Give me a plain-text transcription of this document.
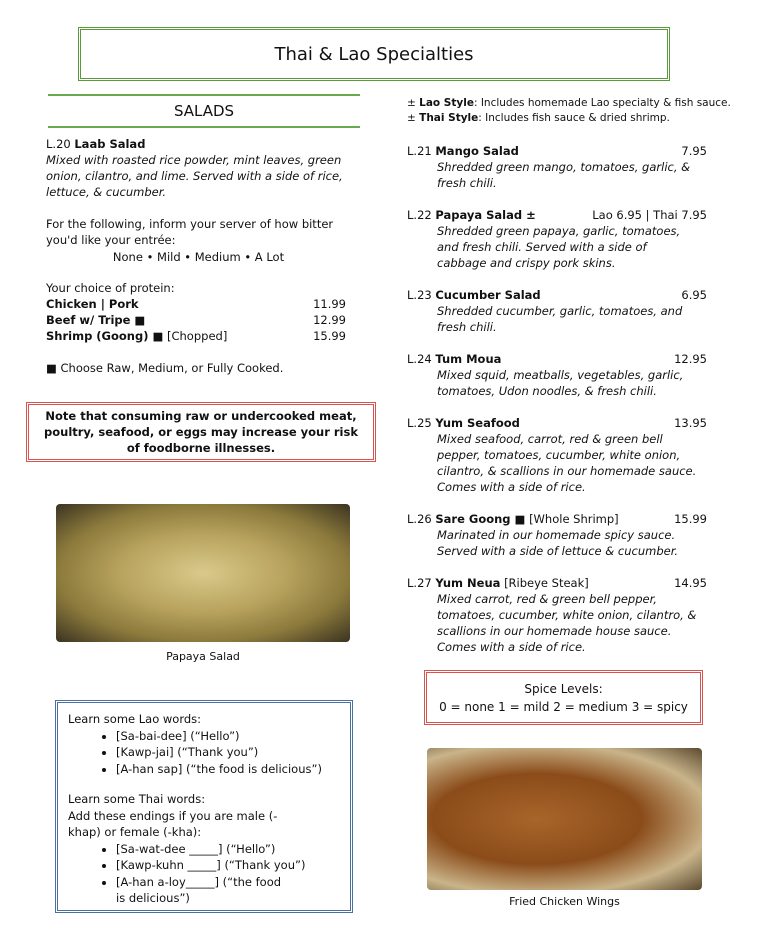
Thai & Lao Specialties
SALADS
L.20 Laab Salad
Mixed with roasted rice powder, mint leaves, green onion, cilantro, and lime. Served with a side of rice, lettuce, & cucumber.
For the following, inform your server of how bitter you'd like your entrée:
None • Mild • Medium • A Lot
Your choice of protein:
Chicken | Pork	11.99
Beef w/ Tripe ■	12.99
Shrimp (Goong) ■ [Chopped]	15.99
■ Choose Raw, Medium, or Fully Cooked.
Note that consuming raw or undercooked meat, poultry, seafood, or eggs may increase your risk of foodborne illnesses.
Papaya Salad
Learn some Lao words:
• [Sa-bai-dee] (“Hello”)
• [Kawp-jai] (“Thank you”)
• [A-han sap] (“the food is delicious”)
Learn some Thai words:
Add these endings if you are male (-khap) or female (-kha):
• [Sa-wat-dee _____] (“Hello”)
• [Kawp-kuhn _____] (“Thank you”)
• [A-han a-loy_____] (“the food is delicious”)
± Lao Style: Includes homemade Lao specialty & fish sauce.
± Thai Style: Includes fish sauce & dried shrimp.
L.21 Mango Salad	7.95
Shredded green mango, tomatoes, garlic, & fresh chili.
L.22 Papaya Salad ±	Lao 6.95 | Thai 7.95
Shredded green papaya, garlic, tomatoes, and fresh chili. Served with a side of cabbage and crispy pork skins.
L.23 Cucumber Salad	6.95
Shredded cucumber, garlic, tomatoes, and fresh chili.
L.24 Tum Moua	12.95
Mixed squid, meatballs, vegetables, garlic, tomatoes, Udon noodles, & fresh chili.
L.25 Yum Seafood	13.95
Mixed seafood, carrot, red & green bell pepper, tomatoes, cucumber, white onion, cilantro, & scallions in our homemade sauce. Comes with a side of rice.
L.26 Sare Goong ■ [Whole Shrimp]	15.99
Marinated in our homemade spicy sauce. Served with a side of lettuce & cucumber.
L.27 Yum Neua [Ribeye Steak]	14.95
Mixed carrot, red & green bell pepper, tomatoes, cucumber, white onion, cilantro, & scallions in our homemade house sauce. Comes with a side of rice.
Spice Levels:
0 = none 1 = mild 2 = medium 3 = spicy
Fried Chicken Wings
